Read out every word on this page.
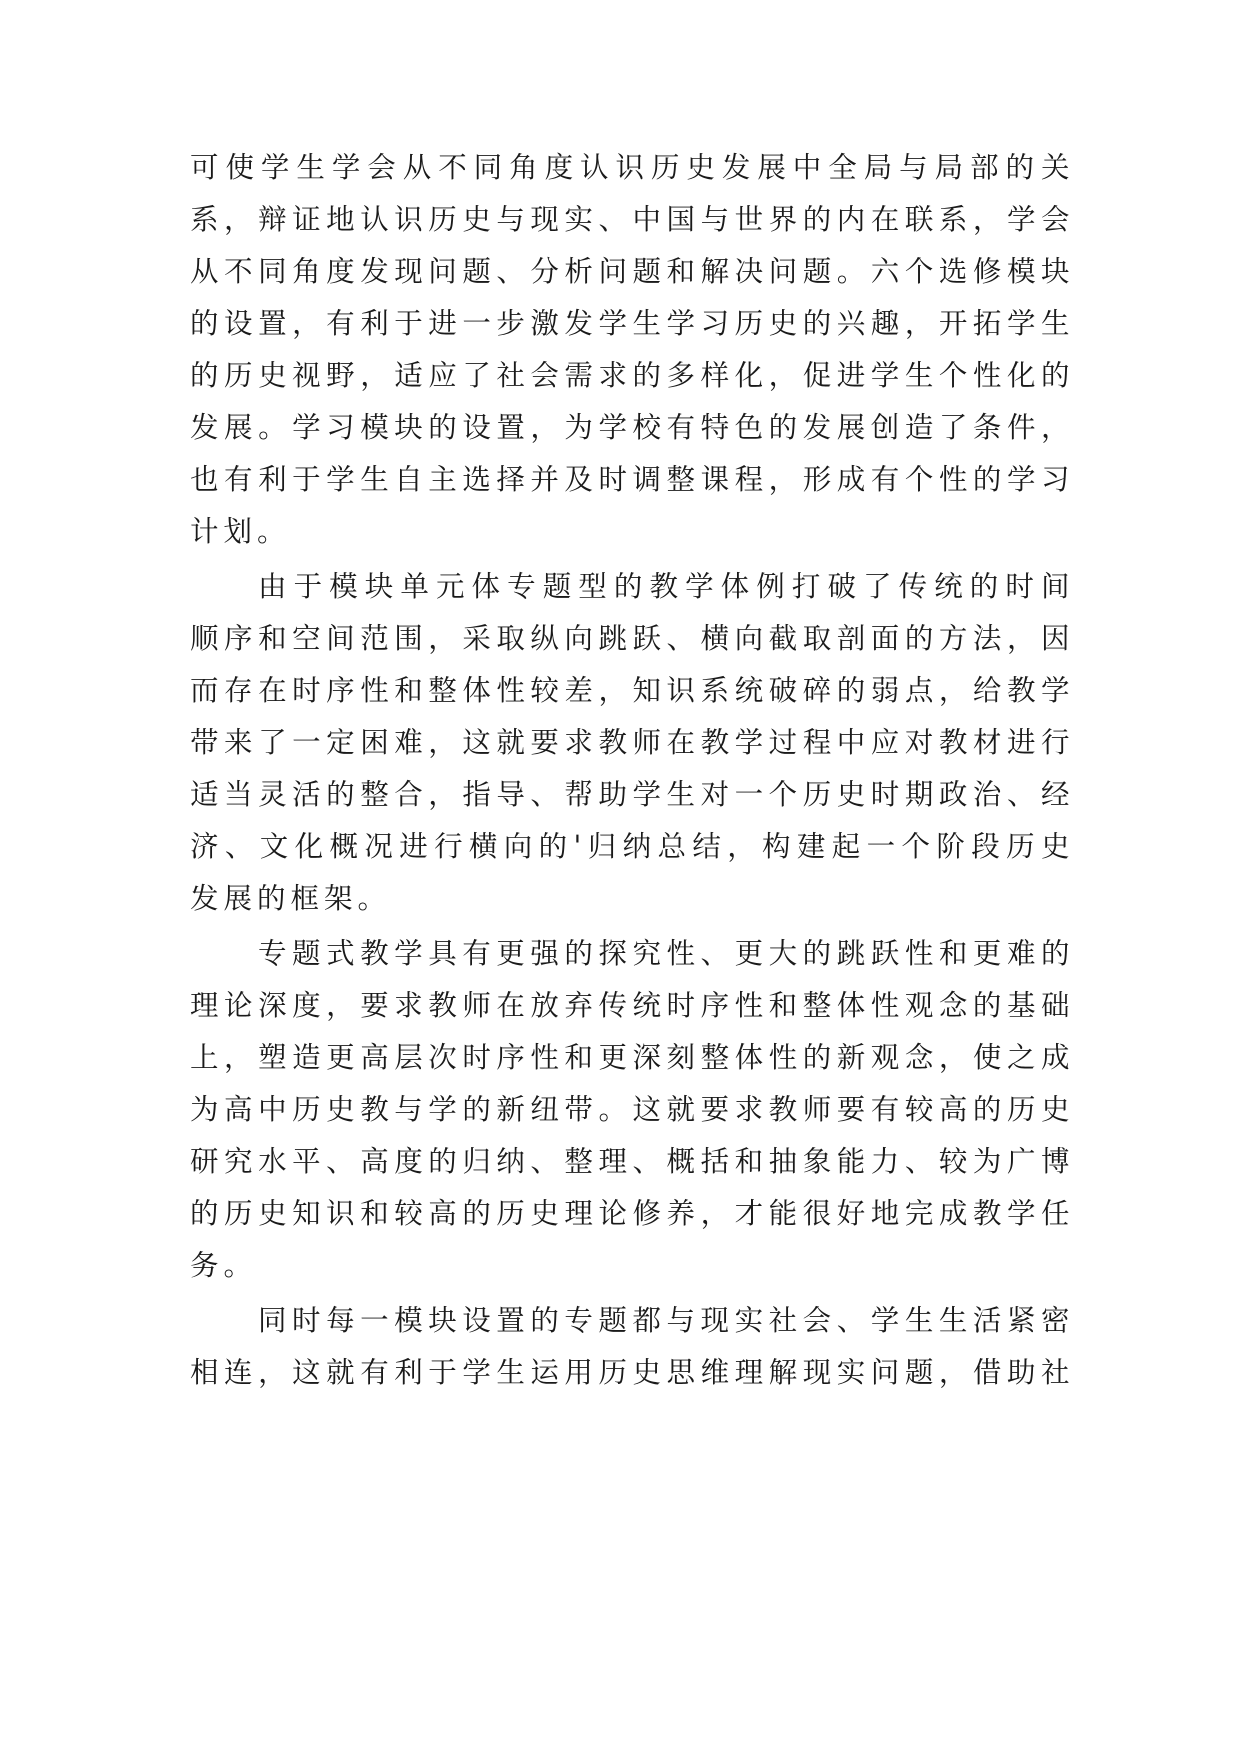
可使学生学会从不同角度认识历史发展中全局与局部的关
系，辩证地认识历史与现实、中国与世界的内在联系，学会
从不同角度发现问题、分析问题和解决问题。六个选修模块
的设置，有利于进一步激发学生学习历史的兴趣，开拓学生
的历史视野，适应了社会需求的多样化，促进学生个性化的
发展。学习模块的设置，为学校有特色的发展创造了条件，
也有利于学生自主选择并及时调整课程，形成有个性的学习
计划。
由于模块单元体专题型的教学体例打破了传统的时间
顺序和空间范围，采取纵向跳跃、横向截取剖面的方法，因
而存在时序性和整体性较差，知识系统破碎的弱点，给教学
带来了一定困难，这就要求教师在教学过程中应对教材进行
适当灵活的整合，指导、帮助学生对一个历史时期政治、经
济、文化概况进行横向的'归纳总结，构建起一个阶段历史
发展的框架。
专题式教学具有更强的探究性、更大的跳跃性和更难的
理论深度，要求教师在放弃传统时序性和整体性观念的基础
上，塑造更高层次时序性和更深刻整体性的新观念，使之成
为高中历史教与学的新纽带。这就要求教师要有较高的历史
研究水平、高度的归纳、整理、概括和抽象能力、较为广博
的历史知识和较高的历史理论修养，才能很好地完成教学任
务。
同时每一模块设置的专题都与现实社会、学生生活紧密
相连，这就有利于学生运用历史思维理解现实问题，借助社
